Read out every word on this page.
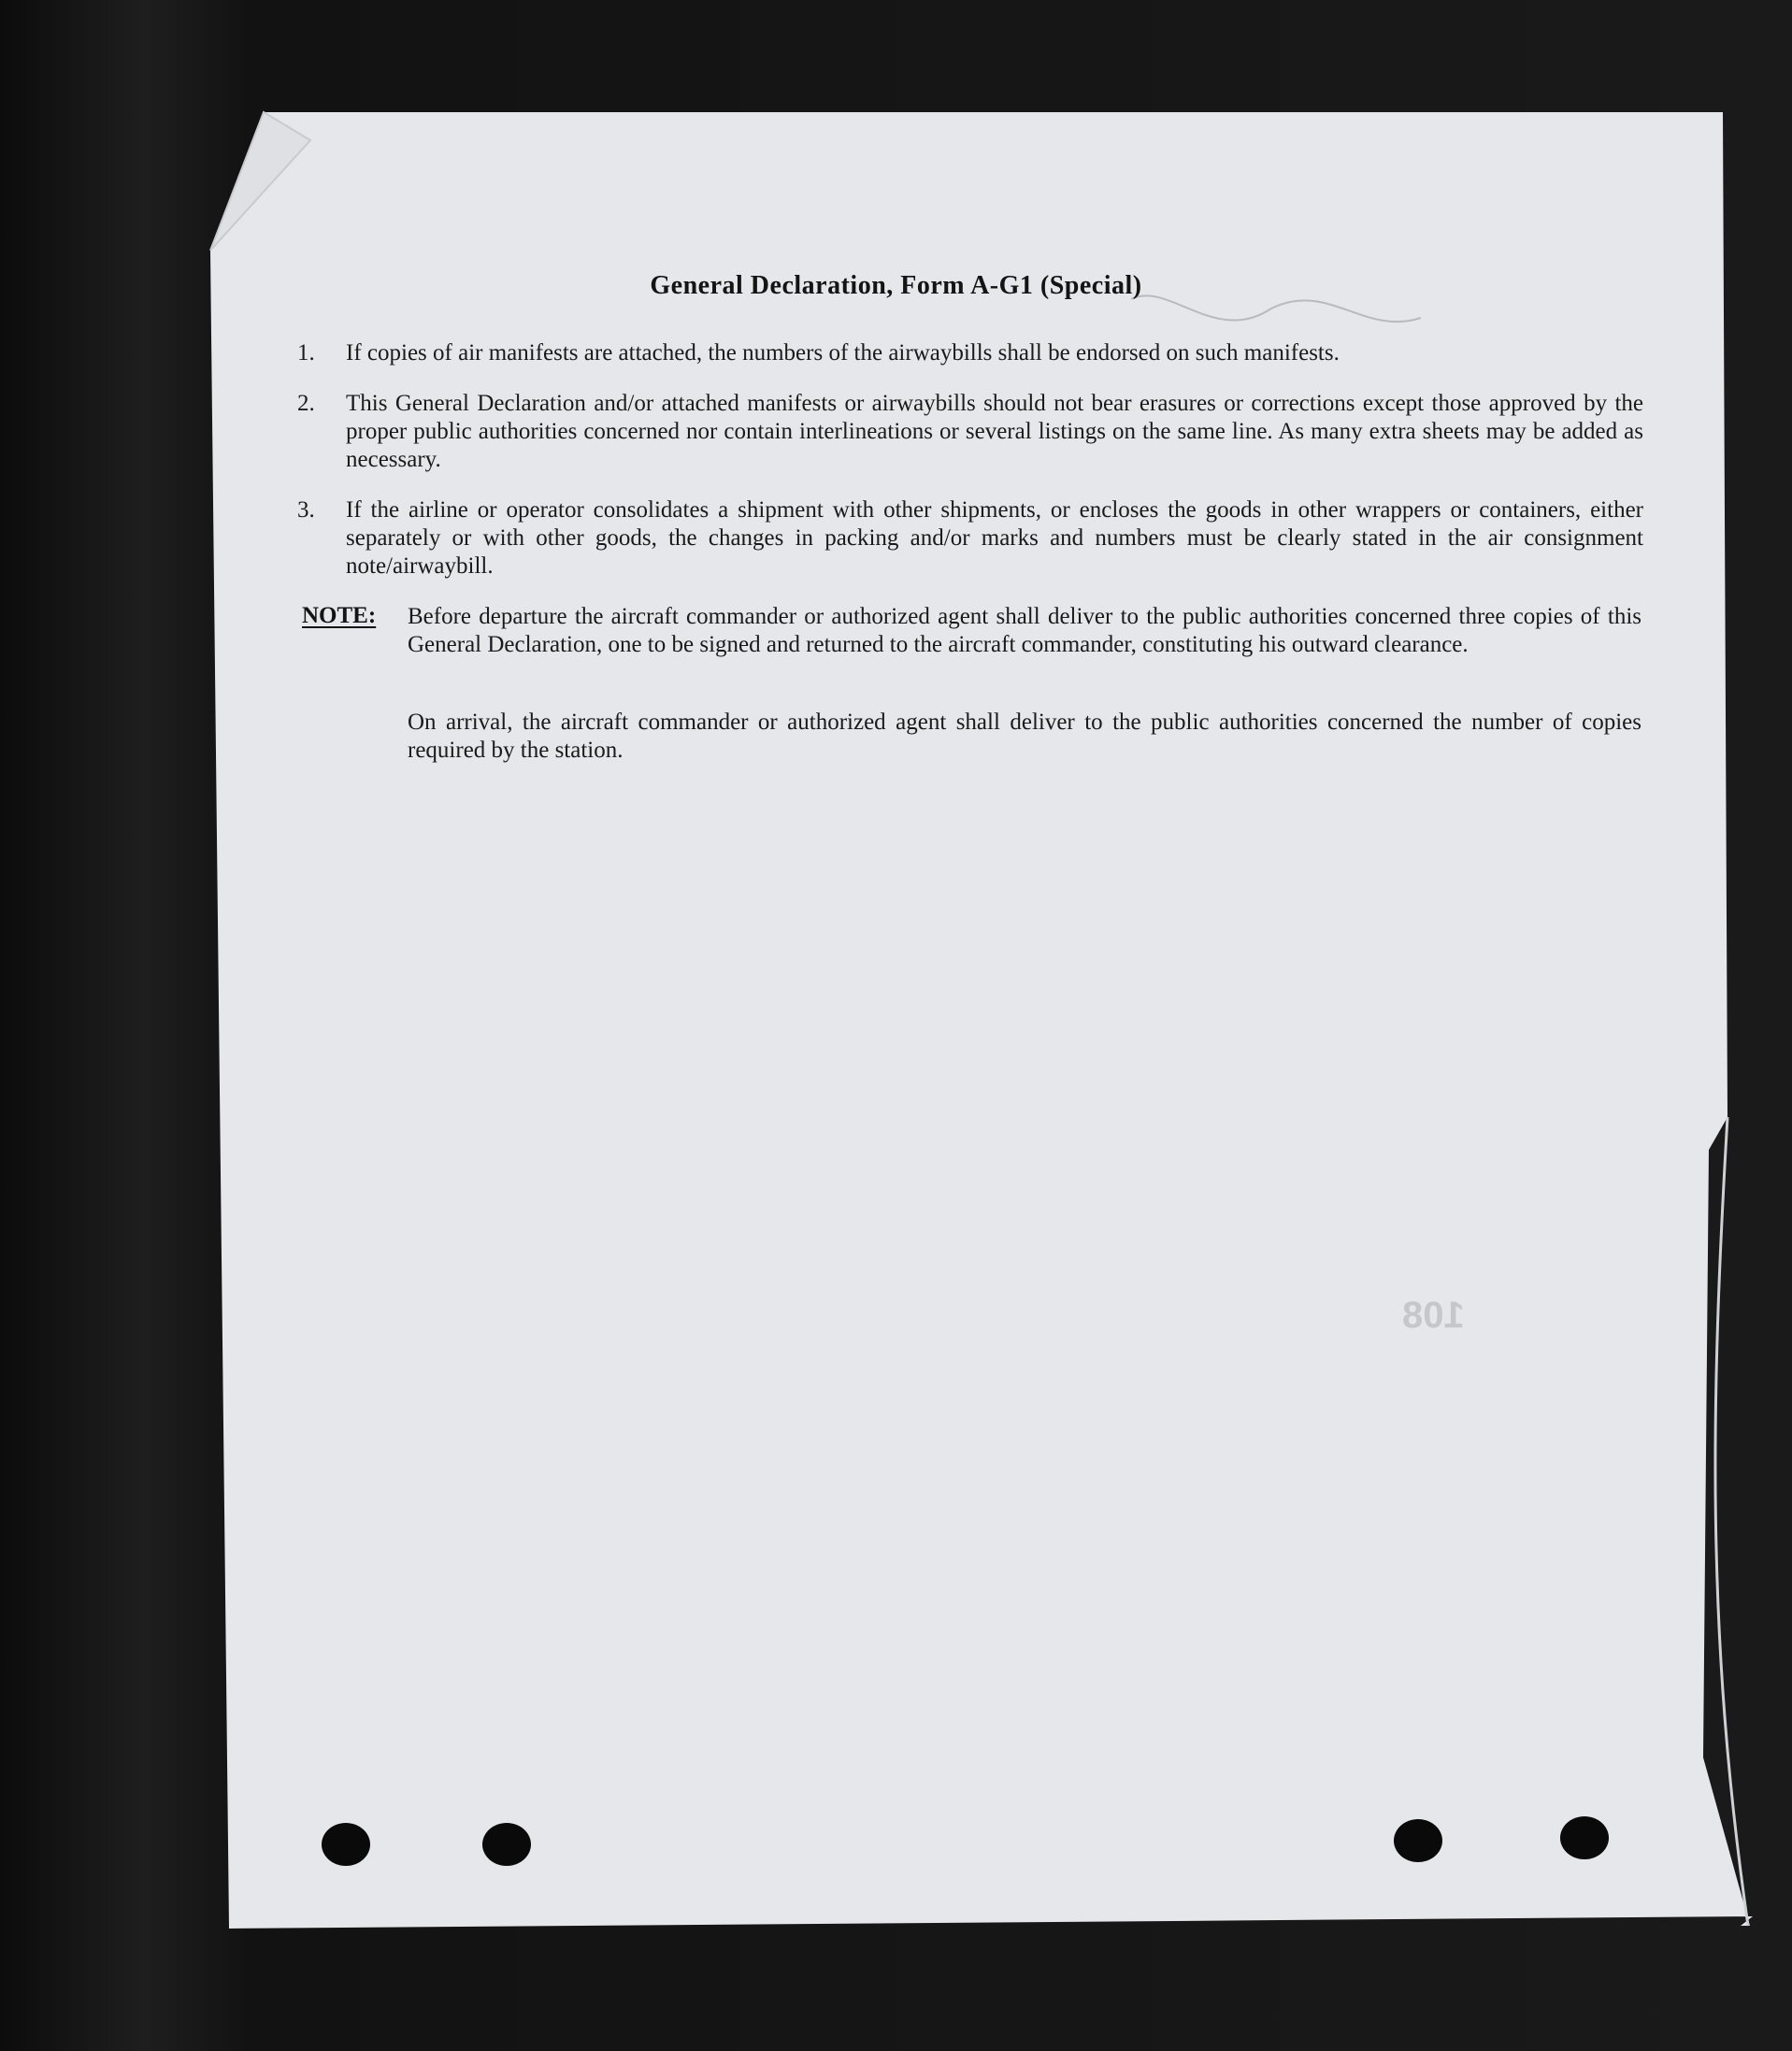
General Declaration, Form A-G1 (Special)
1.	If copies of air manifests are attached, the numbers of the airwaybills shall be endorsed on such manifests.
2.	This General Declaration and/or attached manifests or airwaybills should not bear erasures or corrections except those approved by the proper public authorities concerned nor contain interlineations or several listings on the same line. As many extra sheets may be added as necessary.
3.	If the airline or operator consolidates a shipment with other shipments, or encloses the goods in other wrappers or containers, either separately or with other goods, the changes in packing and/or marks and numbers must be clearly stated in the air consignment note/airwaybill.
NOTE: Before departure the aircraft commander or authorized agent shall deliver to the public authorities concerned three copies of this General Declaration, one to be signed and returned to the aircraft commander, constituting his outward clearance.
On arrival, the aircraft commander or authorized agent shall deliver to the public authorities concerned the number of copies required by the station.
108
